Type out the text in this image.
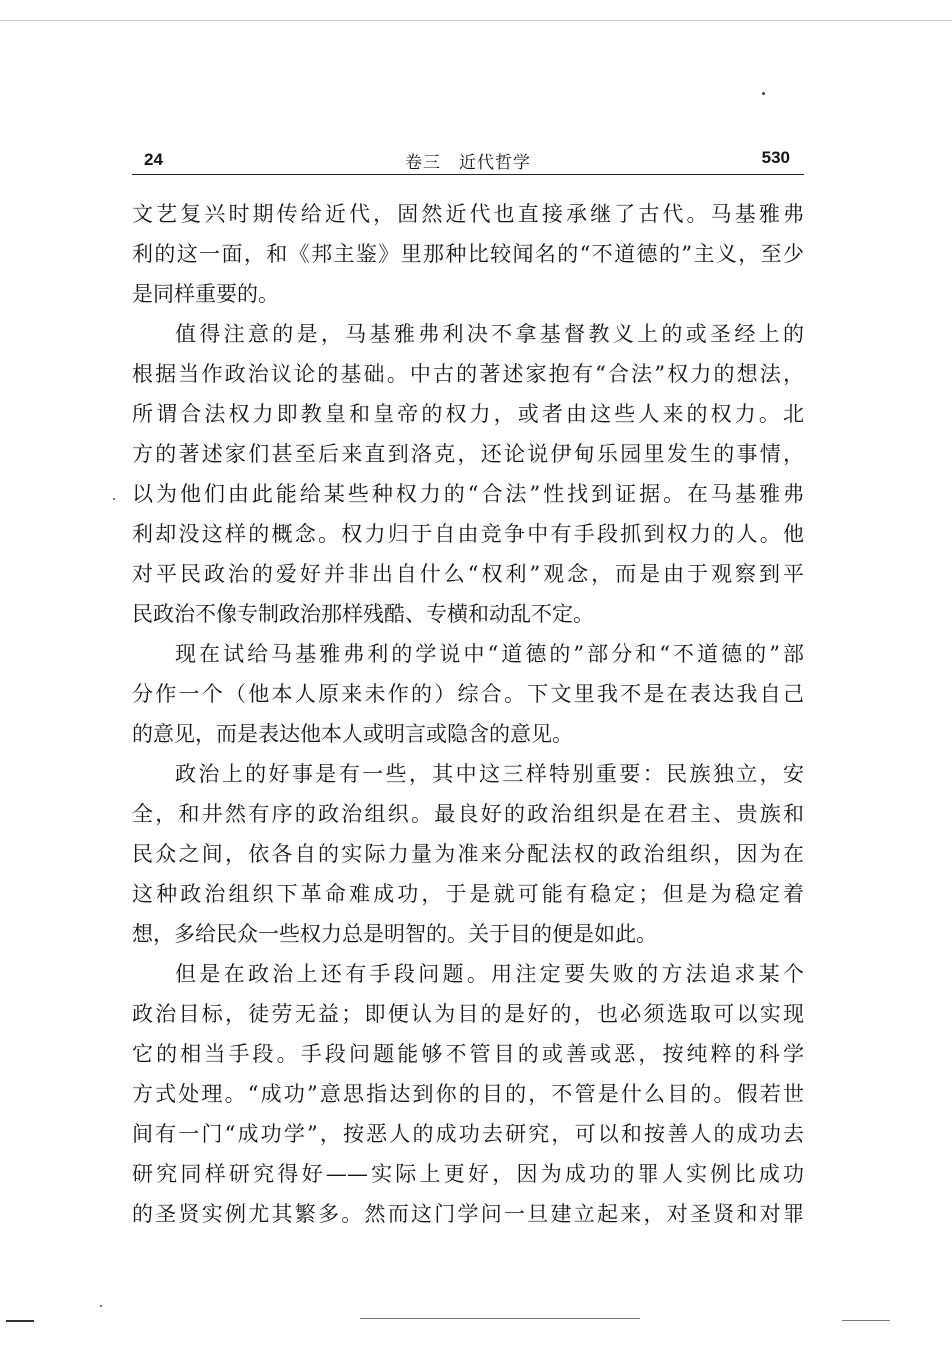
24	卷三　近代哲学	530
文艺复兴时期传给近代，固然近代也直接承继了古代。马基雅弗
利的这一面，和《邦主鉴》里那种比较闻名的“不道德的”主义，至少
是同样重要的。
值得注意的是，马基雅弗利决不拿基督教义上的或圣经上的
根据当作政治议论的基础。中古的著述家抱有“合法”权力的想法，
所谓合法权力即教皇和皇帝的权力，或者由这些人来的权力。北
方的著述家们甚至后来直到洛克，还论说伊甸乐园里发生的事情，
以为他们由此能给某些种权力的“合法”性找到证据。在马基雅弗
利却没这样的概念。权力归于自由竞争中有手段抓到权力的人。他
对平民政治的爱好并非出自什么“权利”观念，而是由于观察到平
民政治不像专制政治那样残酷、专横和动乱不定。
现在试给马基雅弗利的学说中“道德的”部分和“不道德的”部
分作一个（他本人原来未作的）综合。下文里我不是在表达我自己
的意见，而是表达他本人或明言或隐含的意见。
政治上的好事是有一些，其中这三样特别重要：民族独立，安
全，和井然有序的政治组织。最良好的政治组织是在君主、贵族和
民众之间，依各自的实际力量为准来分配法权的政治组织，因为在
这种政治组织下革命难成功，于是就可能有稳定；但是为稳定着
想，多给民众一些权力总是明智的。关于目的便是如此。
但是在政治上还有手段问题。用注定要失败的方法追求某个
政治目标，徒劳无益；即便认为目的是好的，也必须选取可以实现
它的相当手段。手段问题能够不管目的或善或恶，按纯粹的科学
方式处理。“成功”意思指达到你的目的，不管是什么目的。假若世
间有一门“成功学”，按恶人的成功去研究，可以和按善人的成功去
研究同样研究得好——实际上更好，因为成功的罪人实例比成功
的圣贤实例尤其繁多。然而这门学问一旦建立起来，对圣贤和对罪
